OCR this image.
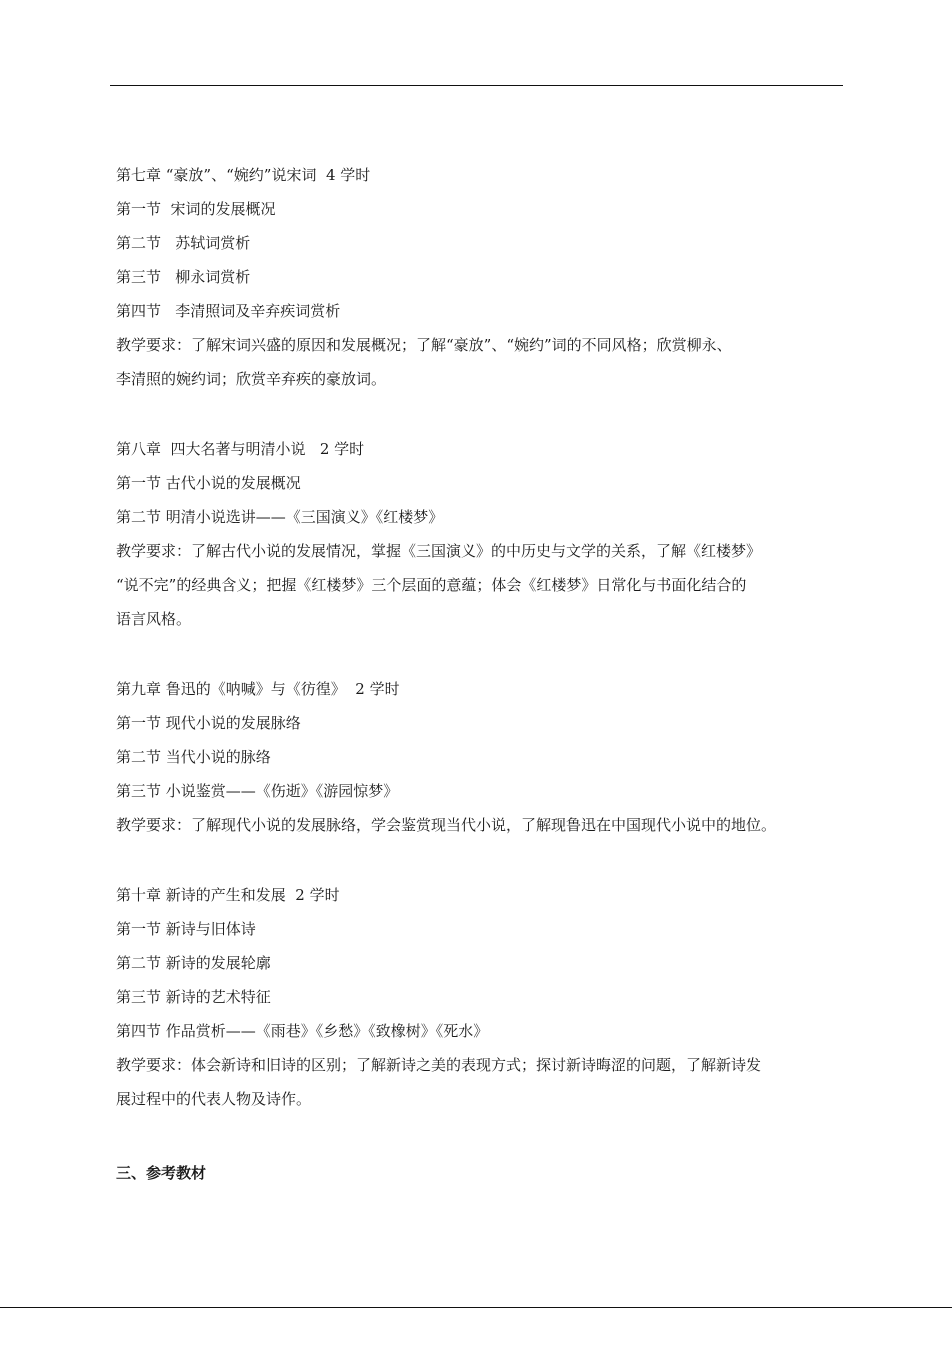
第七章 “豪放”、“婉约”说宋词  4 学时

第一节  宋词的发展概况

第二节   苏轼词赏析

第三节   柳永词赏析

第四节   李清照词及辛弃疾词赏析

教学要求：了解宋词兴盛的原因和发展概况；了解“豪放”、“婉约”词的不同风格；欣赏柳永、

李清照的婉约词；欣赏辛弃疾的豪放词。

第八章  四大名著与明清小说   2 学时

第一节 古代小说的发展概况

第二节 明清小说选讲——《三国演义》《红楼梦》

教学要求：了解古代小说的发展情况，掌握《三国演义》的中历史与文学的关系，了解《红楼梦》

“说不完”的经典含义；把握《红楼梦》三个层面的意蕴；体会《红楼梦》日常化与书面化结合的

语言风格。

第九章 鲁迅的《呐喊》与《彷徨》  2 学时

第一节 现代小说的发展脉络

第二节 当代小说的脉络

第三节 小说鉴赏——《伤逝》《游园惊梦》

教学要求：了解现代小说的发展脉络，学会鉴赏现当代小说，了解现鲁迅在中国现代小说中的地位。

第十章 新诗的产生和发展  2 学时

第一节 新诗与旧体诗

第二节 新诗的发展轮廓

第三节 新诗的艺术特征

第四节 作品赏析——《雨巷》《乡愁》《致橡树》《死水》

教学要求：体会新诗和旧诗的区别；了解新诗之美的表现方式；探讨新诗晦涩的问题，了解新诗发

展过程中的代表人物及诗作。

三、参考教材
